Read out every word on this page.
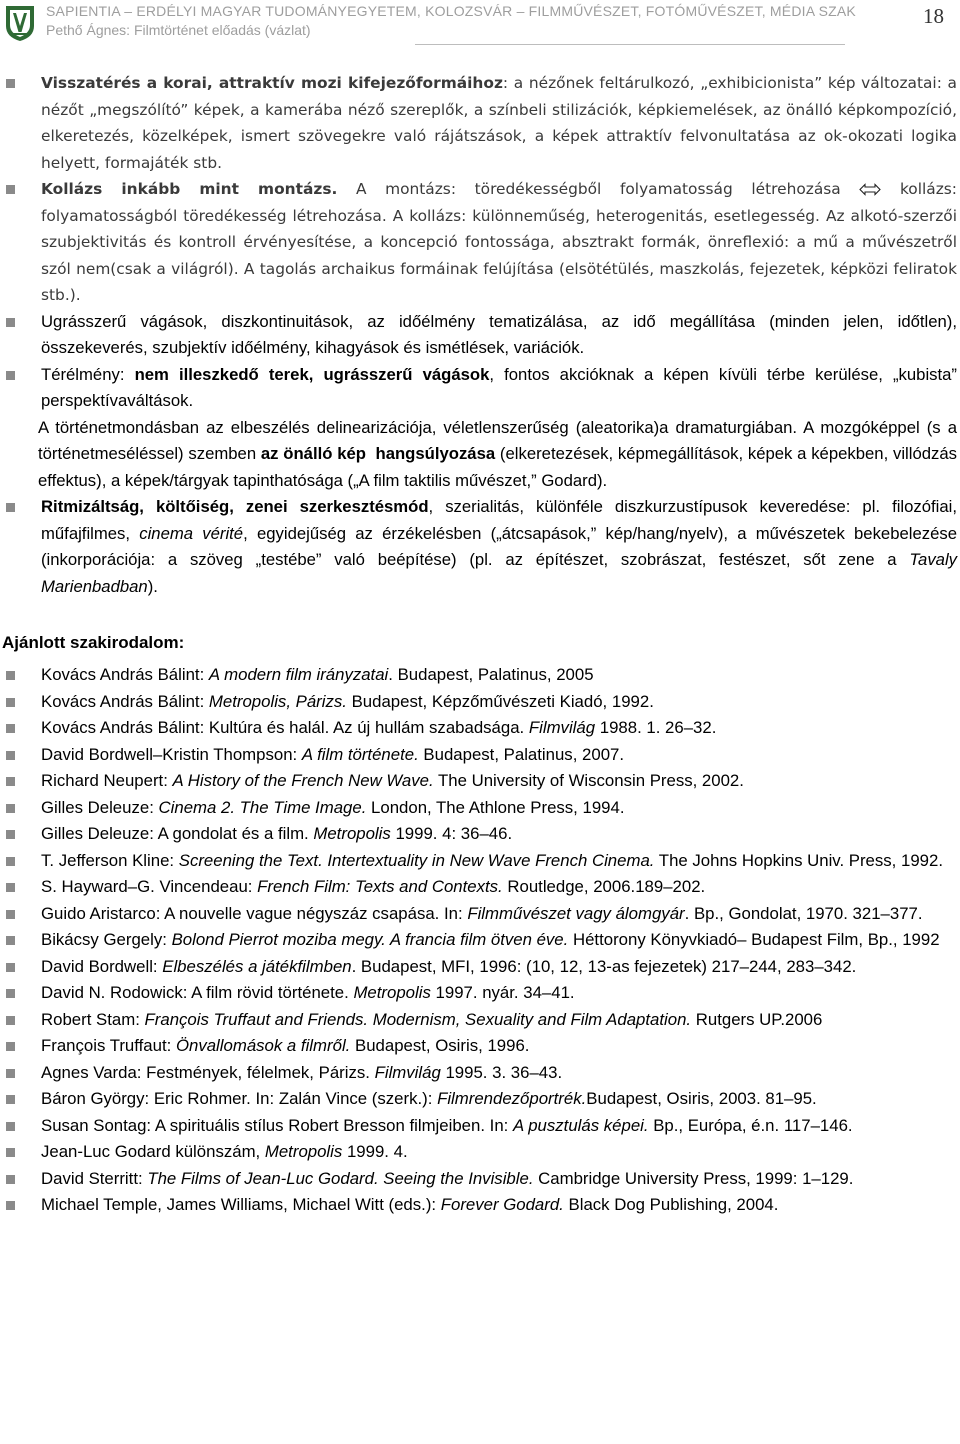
SAPIENTIA – ERDÉLYI MAGYAR TUDOMÁNYEGYETEM, KOLOZSVÁR – FILMMŰVÉSZET, FOTÓMŰVÉSZET, MÉDIA SZAK
Pethő Ágnes: Filmtörténet előadás (vázlat)
18
Visszatérés a korai, attraktív mozi kifejezőformáihoz: a nézőnek feltárulkozó, „exhibicionista” kép változatai: a nézőt „megszólító” képek, a kamerába néző szereplők, a színbeli stilizációk, képkiemelések, az önálló képkompozíció, elkeretezés, közelképek, ismert szövegekre való rájátszások, a képek attraktív felvonultatása az ok-okozati logika helyett, formajáték stb.
Kollázs inkább mint montázs. A montázs: töredékességből folyamatosság létrehozása  kollázs: folyamatosságból töredékesség létrehozása. A kollázs: különneműség, heterogenitás, esetlegesség. Az alkotó-szerzői szubjektivitás és kontroll érvényesítése, a koncepció fontossága, absztrakt formák, önreflexió: a mű a művészetről szól nem(csak a világról). A tagolás archaikus formáinak felújítása (elsötétülés, maszkolás, fejezetek, képközi feliratok stb.).
Ugrásszerű vágások, diszkontinuitások, az időélmény tematizálása, az idő megállítása (minden jelen, időtlen), összekeverés, szubjektív időélmény, kihagyások és ismétlések, variációk.
Térélmény: nem illeszkedő terek, ugrásszerű vágások, fontos akcióknak a képen kívüli térbe kerülése, „kubista” perspektívaváltások.
A történetmondásban az elbeszélés delinearizációja, véletlenszerűség (aleatorika)a dramaturgiában. A mozgóképpel (s a történetmeséléssel) szemben az önálló kép hangsúlyozása (elkeretezések, képmegállítások, képek a képekben, villódzás effektus), a képek/tárgyak tapinthatósága („A film taktilis művészet,” Godard).
Ritmizáltság, költőiség, zenei szerkesztésmód, szerialitás, különféle diszkurzustípusok keveredése: pl. filozófiai, műfajfilmes, cinema vérité, egyidejűség az érzékelésben („átcsapások,” kép/hang/nyelv), a művészetek bekebelezése (inkorporációja: a szöveg „testébe” való beépítése) (pl. az építészet, szobrászat, festészet, sőt zene a Tavaly Marienbadban).
Ajánlott szakirodalom:
Kovács András Bálint: A modern film irányzatai. Budapest, Palatinus, 2005
Kovács András Bálint: Metropolis, Párizs. Budapest, Képzőművészeti Kiadó, 1992.
Kovács András Bálint: Kultúra és halál. Az új hullám szabadsága. Filmvilág 1988. 1. 26–32.
David Bordwell–Kristin Thompson: A film története. Budapest, Palatinus, 2007.
Richard Neupert: A History of the French New Wave. The University of Wisconsin Press, 2002.
Gilles Deleuze: Cinema 2. The Time Image. London, The Athlone Press, 1994.
Gilles Deleuze: A gondolat és a film. Metropolis 1999. 4: 36–46.
T. Jefferson Kline: Screening the Text. Intertextuality in New Wave French Cinema. The Johns Hopkins Univ. Press, 1992.
S. Hayward–G. Vincendeau: French Film: Texts and Contexts. Routledge, 2006.189–202.
Guido Aristarco: A nouvelle vague négyszáz csapása. In: Filmművészet vagy álomgyár. Bp., Gondolat, 1970. 321–377.
Bikácsy Gergely: Bolond Pierrot moziba megy. A francia film ötven éve. Héttorony Könyvkiadó– Budapest Film, Bp., 1992
David Bordwell: Elbeszélés a játékfilmben. Budapest, MFI, 1996: (10, 12, 13-as fejezetek) 217–244, 283–342.
David N. Rodowick: A film rövid története. Metropolis 1997. nyár. 34–41.
Robert Stam: François Truffaut and Friends. Modernism, Sexuality and Film Adaptation. Rutgers UP.2006
François Truffaut: Önvallomások a filmről. Budapest, Osiris, 1996.
Agnes Varda: Festmények, félelmek, Párizs. Filmvilág 1995. 3. 36–43.
Báron György: Eric Rohmer. In: Zalán Vince (szerk.): Filmrendezőportrék.Budapest, Osiris, 2003. 81–95.
Susan Sontag: A spirituális stílus Robert Bresson filmjeiben. In: A pusztulás képei. Bp., Európa, é.n. 117–146.
Jean-Luc Godard különszám, Metropolis 1999. 4.
David Sterritt: The Films of Jean-Luc Godard. Seeing the Invisible. Cambridge University Press, 1999: 1–129.
Michael Temple, James Williams, Michael Witt (eds.): Forever Godard. Black Dog Publishing, 2004.
